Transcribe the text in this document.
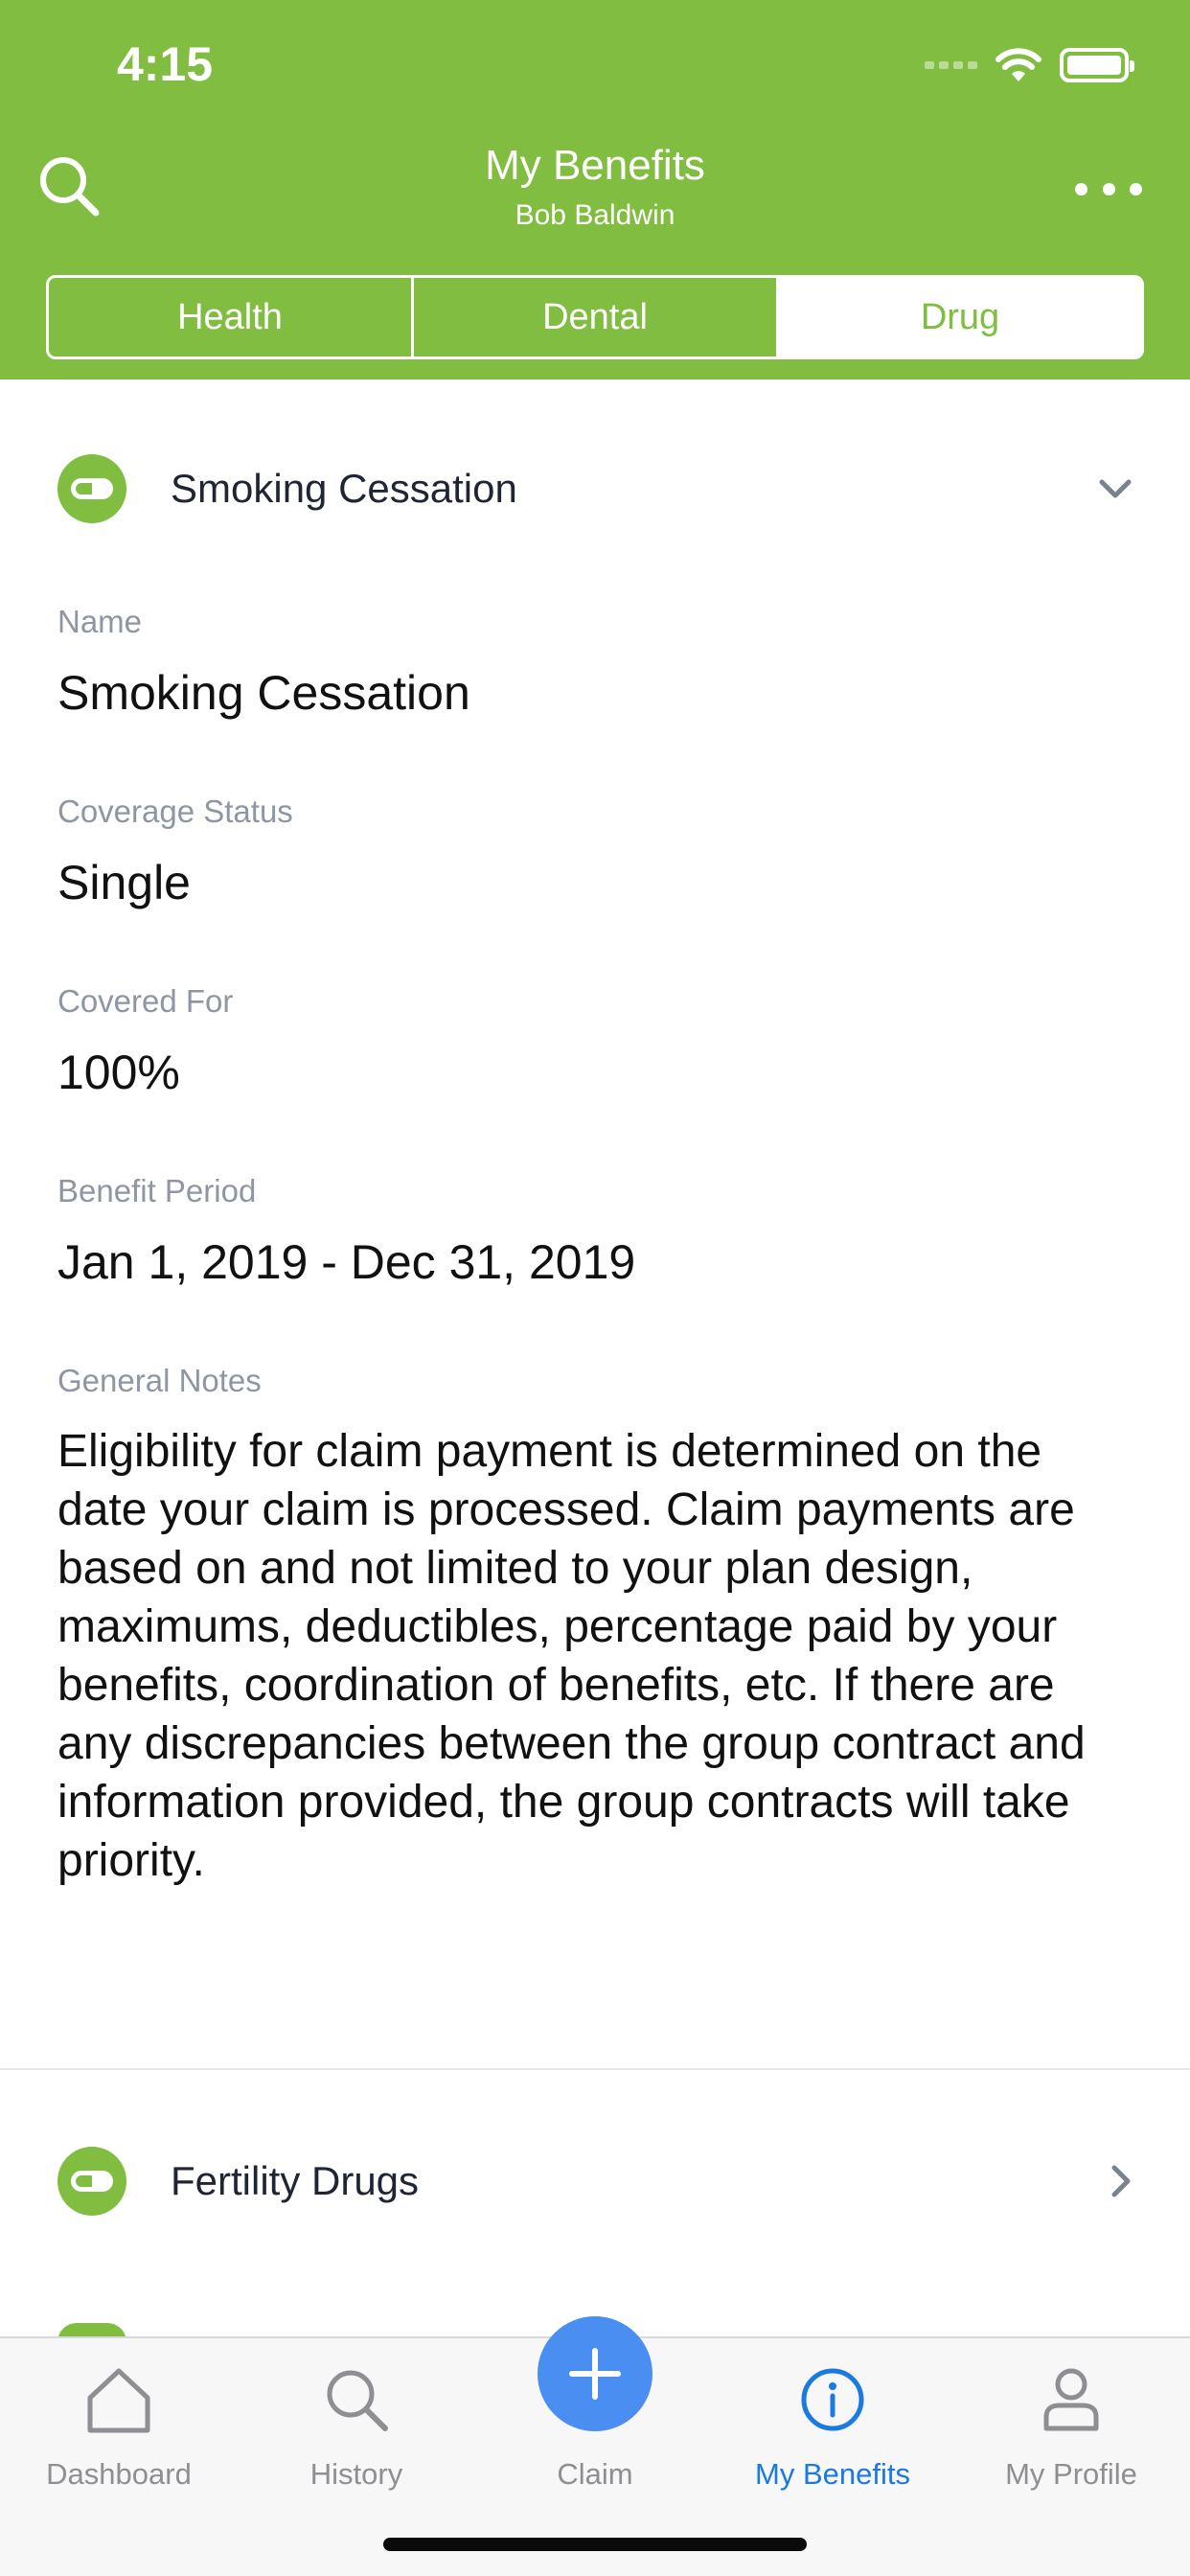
4:15
My Benefits
Bob Baldwin
Health	Dental	Drug
Smoking Cessation
Name
Smoking Cessation
Coverage Status
Single
Covered For
100%
Benefit Period
Jan 1, 2019 - Dec 31, 2019
General Notes
Eligibility for claim payment is determined on the date your claim is processed. Claim payments are based on and not limited to your plan design, maximums, deductibles, percentage paid by your benefits, coordination of benefits, etc. If there are any discrepancies between the group contract and information provided, the group contracts will take priority.
Fertility Drugs
Dashboard	History	Claim	My Benefits	My Profile
